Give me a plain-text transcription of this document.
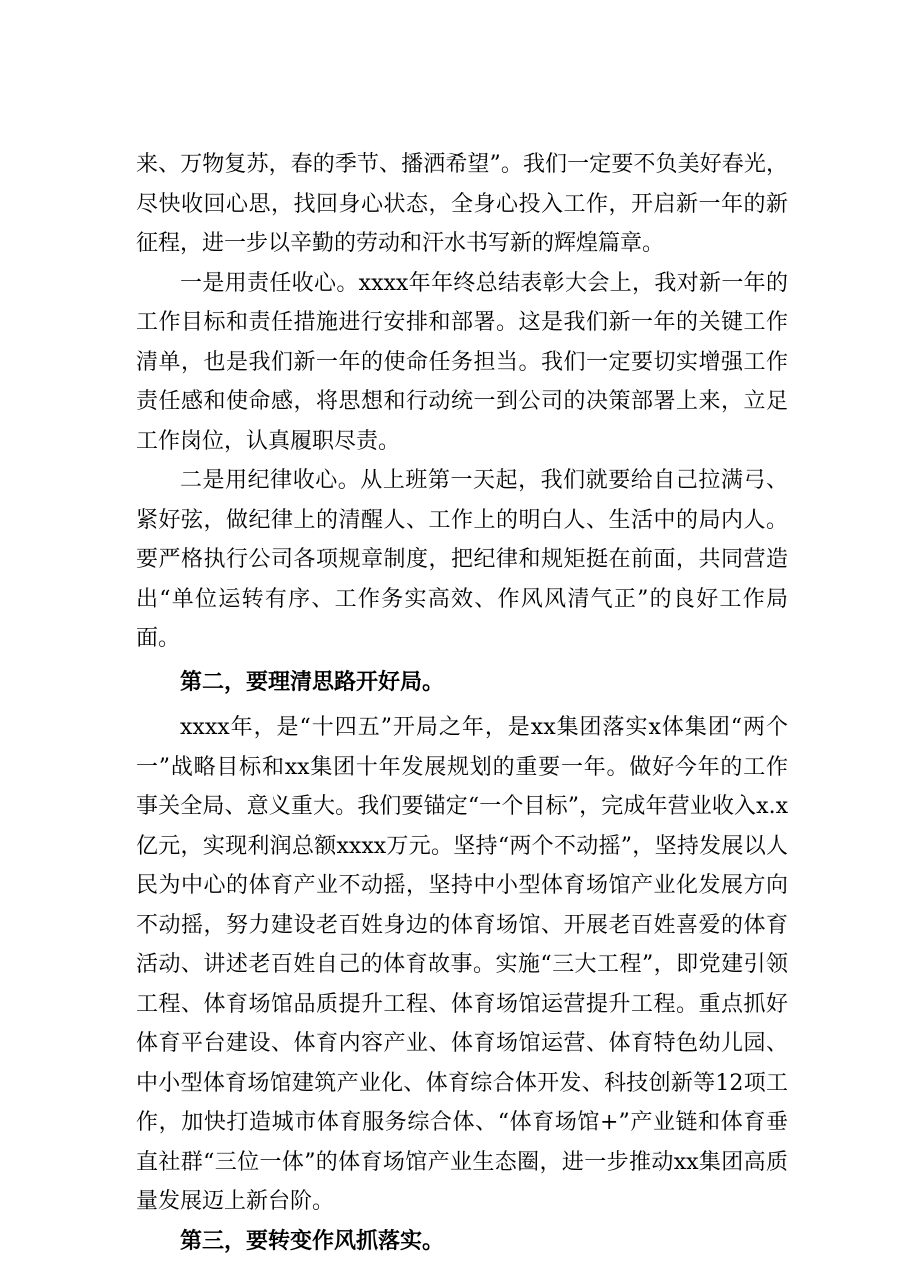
来、万物复苏，春的季节、播洒希望”。我们一定要不负美好春光，尽快收回心思，找回身心状态，全身心投入工作，开启新一年的新征程，进一步以辛勤的劳动和汗水书写新的辉煌篇章。

一是用责任收心。xxxx年年终总结表彰大会上，我对新一年的工作目标和责任措施进行安排和部署。这是我们新一年的关键工作清单，也是我们新一年的使命任务担当。我们一定要切实增强工作责任感和使命感，将思想和行动统一到公司的决策部署上来，立足工作岗位，认真履职尽责。

二是用纪律收心。从上班第一天起，我们就要给自己拉满弓、紧好弦，做纪律上的清醒人、工作上的明白人、生活中的局内人。要严格执行公司各项规章制度，把纪律和规矩挺在前面，共同营造出“单位运转有序、工作务实高效、作风风清气正”的良好工作局面。

第二，要理清思路开好局。

xxxx年，是“十四五”开局之年，是xx集团落实x体集团“两个一”战略目标和xx集团十年发展规划的重要一年。做好今年的工作事关全局、意义重大。我们要锚定“一个目标”，完成年营业收入x.x亿元，实现利润总额xxxx万元。坚持“两个不动摇”，坚持发展以人民为中心的体育产业不动摇，坚持中小型体育场馆产业化发展方向不动摇，努力建设老百姓身边的体育场馆、开展老百姓喜爱的体育活动、讲述老百姓自己的体育故事。实施“三大工程”，即党建引领工程、体育场馆品质提升工程、体育场馆运营提升工程。重点抓好体育平台建设、体育内容产业、体育场馆运营、体育特色幼儿园、中小型体育场馆建筑产业化、体育综合体开发、科技创新等12项工作，加快打造城市体育服务综合体、“体育场馆+”产业链和体育垂直社群“三位一体”的体育场馆产业生态圈，进一步推动xx集团高质量发展迈上新台阶。

第三，要转变作风抓落实。
